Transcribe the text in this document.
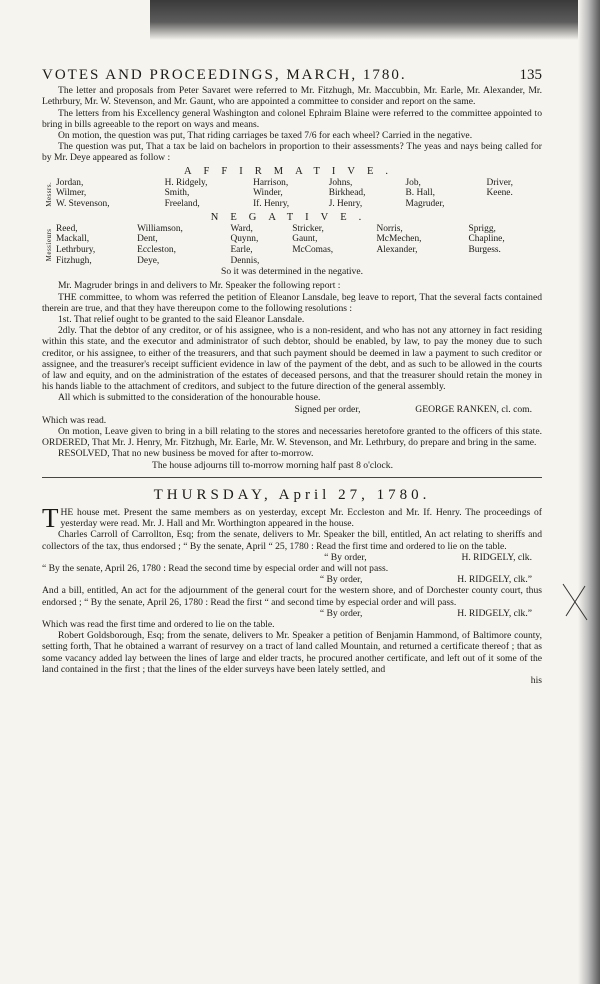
VOTES AND PROCEEDINGS, MARCH, 1780.	135

The letter and proposals from Peter Savaret were referred to Mr. Fitzhugh, Mr. Maccubbin, Mr. Earle, Mr. Alexander, Mr. Lethrbury, Mr. W. Stevenson, and Mr. Gaunt, who are appointed a committee to consider and report on the same.

The letters from his Excellency general Washington and colonel Ephraim Blaine were referred to the committee appointed to bring in bills agreeable to the report on ways and means.

On motion, the question was put, That riding carriages be taxed 7/6 for each wheel? Carried in the negative.

The question was put, That a tax be laid on bachelors in proportion to their assessments? The yeas and nays being called for by Mr. Deye appeared as follow :

AFFIRMATIVE.
Messrs. Jordan,	H. Ridgely,	Harrison,	Johns,	Job,	Driver,
Wilmer,	Smith,	Winder,	Birkhead,	B. Hall,	Keene.
W. Stevenson,	Freeland,	If. Henry,	J. Henry,	Magruder,	
NEGATIVE.
Messieurs Reed,	Williamson,	Ward,	Stricker,	Norris,	Sprigg,
Mackall,	Dent,	Quynn,	Gaunt,	McMechen,	Chapline,
Lethrbury,	Eccleston,	Earle,	McComas,	Alexander,	Burgess.
Fitzhugh,	Deye,	Dennis,			

So it was determined in the negative.

Mr. Magruder brings in and delivers to Mr. Speaker the following report :

THE committee, to whom was referred the petition of Eleanor Lansdale, beg leave to report, That the several facts contained therein are true, and that they have thereupon come to the following resolutions :

1st. That relief ought to be granted to the said Eleanor Lansdale.

2dly. That the debtor of any creditor, or of his assignee, who is a non-resident, and who has not any attorney in fact residing within this state, and the executor and administrator of such debtor, should be enabled, by law, to pay the money due to such creditor, or his assignee, to either of the treasurers, and that such payment should be deemed in law a payment to such creditor or assignee, and the treasurer's receipt sufficient evidence in law of the payment of the debt, and as such to be allowed in the courts of law and equity, and on the administration of the estates of deceased persons, and that the treasurer should retain the money in his hands liable to the attachment of creditors, and subject to the future direction of the general assembly.

All which is submitted to the consideration of the honourable house.

Signed per order,	GEORGE RANKEN, cl. com.

Which was read.

On motion, Leave given to bring in a bill relating to the stores and necessaries heretofore granted to the officers of this state. ORDERED, That Mr. J. Henry, Mr. Fitzhugh, Mr. Earle, Mr. W. Stevenson, and Mr. Lethrbury, do prepare and bring in the same.

RESOLVED, That no new business be moved for after to-morrow.

The house adjourns till to-morrow morning half past 8 o'clock.

THURSDAY, April 27, 1780.

THE house met. Present the same members as on yesterday, except Mr. Eccleston and Mr. If. Henry. The proceedings of yesterday were read. Mr. J. Hall and Mr. Worthington appeared in the house.

Charles Carroll of Carrollton, Esq; from the senate, delivers to Mr. Speaker the bill, entitled, An act relating to sheriffs and collectors of the tax, thus endorsed ; “ By the senate, April “ 25, 1780 : Read the first time and ordered to lie on the table.

“ By order,	H. RIDGELY, clk.

“ By the senate, April 26, 1780 : Read the second time by especial order and will not pass.

“ By order,	H. RIDGELY, clk.”

And a bill, entitled, An act for the adjournment of the general court for the western shore, and of Dorchester county court, thus endorsed ; “ By the senate, April 26, 1780 : Read the first “ and second time by especial order and will pass.

“ By order,	H. RIDGELY, clk.”

Which was read the first time and ordered to lie on the table.

Robert Goldsborough, Esq; from the senate, delivers to Mr. Speaker a petition of Benjamin Hammond, of Baltimore county, setting forth, That he obtained a warrant of resurvey on a tract of land called Mountain, and returned a certificate thereof ; that as some vacancy added lay between the lines of large and elder tracts, he procured another certificate, and left out of it some of the land contained in the first ; that the lines of the elder surveys have been lately settled, and

his
